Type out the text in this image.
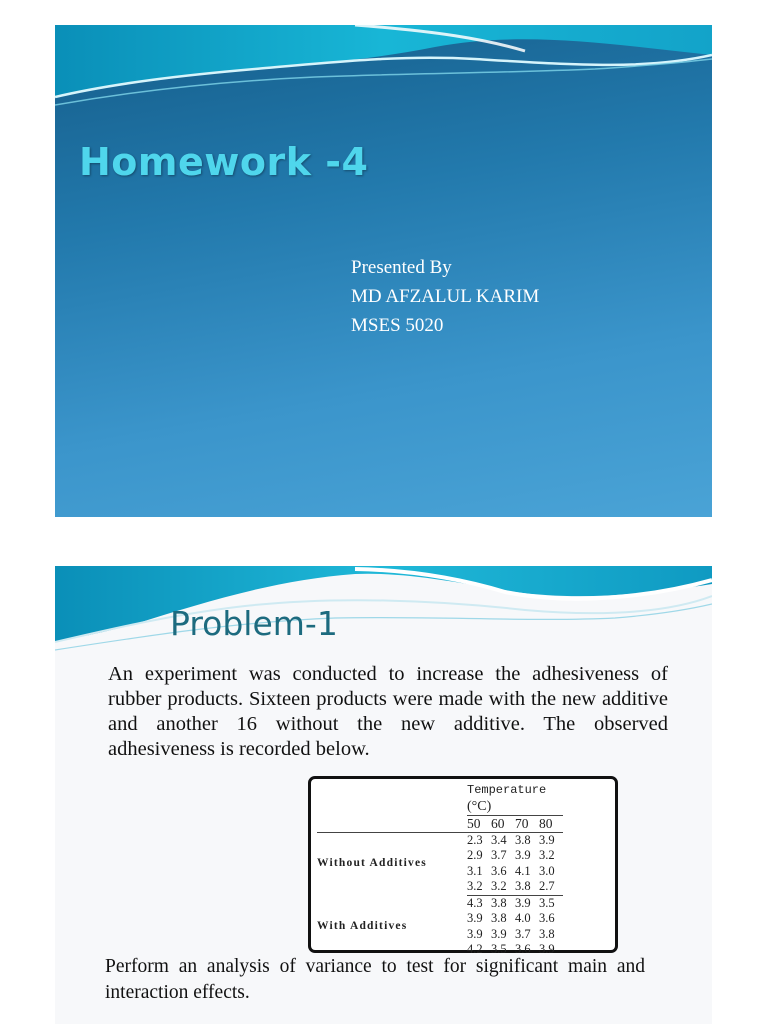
Homework -4
Presented By
MD AFZALUL KARIM
MSES 5020
Problem-1

An experiment was conducted to increase the adhesiveness of rubber products. Sixteen products were made with the new additive and another 16 without the new additive. The observed adhesiveness is recorded below.

	Temperature (°C)			
	50	60	70	80
Without Additives	2.3	3.4	3.8	3.9
	2.9	3.7	3.9	3.2
	3.1	3.6	4.1	3.0
	3.2	3.2	3.8	2.7
With Additives	4.3	3.8	3.9	3.5
	3.9	3.8	4.0	3.6
	3.9	3.9	3.7	3.8
	4.2	3.5	3.6	3.9

Perform an analysis of variance to test for significant main and interaction effects.
